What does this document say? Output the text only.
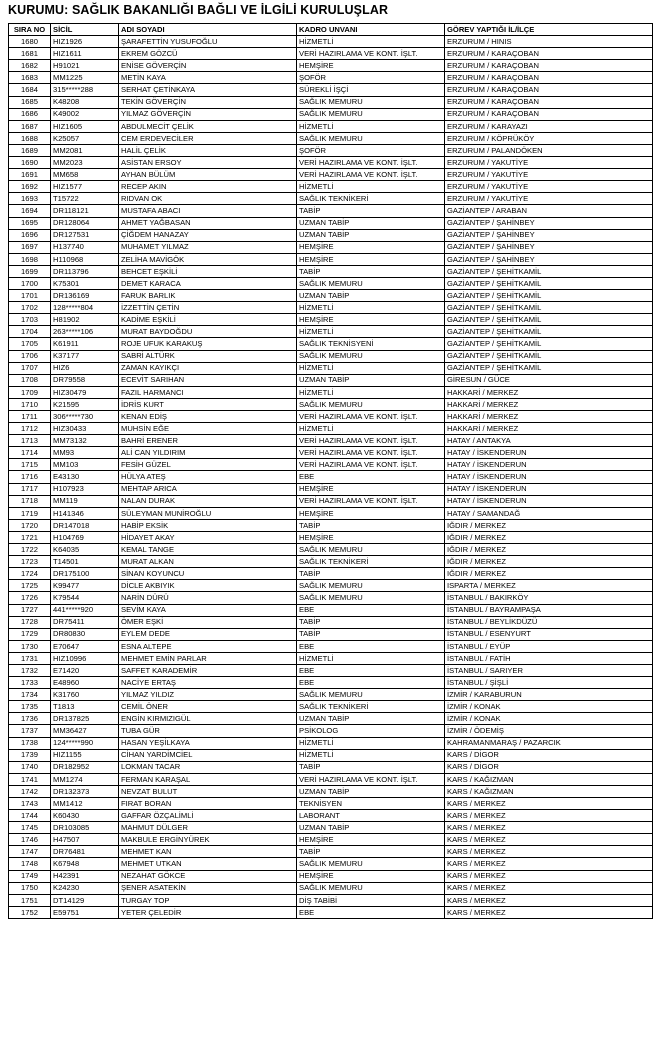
KURUMU: SAĞLIK BAKANLIĞI BAĞLI VE İLGİLİ KURULUŞLAR
SIRA NO	SİCİL	ADI SOYADI	KADRO UNVANI	GÖREV YAPTIĞI İL/İLÇE
1680	HIZ1926	ŞARAFETTİN YUSUFOĞLU	HİZMETLİ	ERZURUM / HINIS
1681	HIZ1611	EKREM GÖZCÜ	VERİ HAZIRLAMA VE KONT. İŞLT.	ERZURUM / KARAÇOBAN
1682	H91021	ENİSE GÖVERÇİN	HEMŞİRE	ERZURUM / KARAÇOBAN
1683	MM1225	METİN KAYA	ŞOFÖR	ERZURUM / KARAÇOBAN
1684	315*****288	SERHAT ÇETİNKAYA	SÜREKLİ İŞÇİ	ERZURUM / KARAÇOBAN
1685	K48208	TEKİN GÖVERÇİN	SAĞLIK MEMURU	ERZURUM / KARAÇOBAN
1686	K49002	YILMAZ GÖVERÇİN	SAĞLIK MEMURU	ERZURUM / KARAÇOBAN
1687	HIZ1605	ABDULMECİT ÇELİK	HİZMETLİ	ERZURUM / KARAYAZI
1688	K25057	CEM ERDEVECİLER	SAĞLIK MEMURU	ERZURUM / KÖPRÜKÖY
1689	MM2081	HALİL ÇELİK	ŞOFÖR	ERZURUM / PALANDÖKEN
1690	MM2023	ASİSTAN ERSOY	VERİ HAZIRLAMA VE KONT. İŞLT.	ERZURUM / YAKUTİYE
1691	MM658	AYHAN BÜLÜM	VERİ HAZIRLAMA VE KONT. İŞLT.	ERZURUM / YAKUTİYE
1692	HIZ1577	RECEP AKIN	HİZMETLİ	ERZURUM / YAKUTİYE
1693	T15722	RIDVAN OK	SAĞLIK TEKNİKERİ	ERZURUM / YAKUTİYE
1694	DR118121	MUSTAFA ABACI	TABİP	GAZİANTEP / ARABAN
1695	DR128064	AHMET YAĞBASAN	UZMAN TABİP	GAZİANTEP / ŞAHİNBEY
1696	DR127531	ÇİĞDEM HANAZAY	UZMAN TABİP	GAZİANTEP / ŞAHİNBEY
1697	H137740	MUHAMET YILMAZ	HEMŞİRE	GAZİANTEP / ŞAHİNBEY
1698	H110968	ZELİHA MAVİGÖK	HEMŞİRE	GAZİANTEP / ŞAHİNBEY
1699	DR113796	BEHCET EŞKİLİ	TABİP	GAZİANTEP / ŞEHİTKAMİL
1700	K75301	DEMET KARACA	SAĞLIK MEMURU	GAZİANTEP / ŞEHİTKAMİL
1701	DR136169	FARUK BARLIK	UZMAN TABİP	GAZİANTEP / ŞEHİTKAMİL
1702	128*****804	İZZETTİN ÇETİN	HİZMETLİ	GAZİANTEP / ŞEHİTKAMİL
1703	H81902	KADİME EŞKİLİ	HEMŞİRE	GAZİANTEP / ŞEHİTKAMİL
1704	263*****106	MURAT BAYDOĞDU	HİZMETLİ	GAZİANTEP / ŞEHİTKAMİL
1705	K61911	ROJE UFUK KARAKUŞ	SAĞLIK TEKNİSYENİ	GAZİANTEP / ŞEHİTKAMİL
1706	K37177	SABRİ ALTÜRK	SAĞLIK MEMURU	GAZİANTEP / ŞEHİTKAMİL
1707	HIZ6	ZAMAN KAYIKÇI	HİZMETLİ	GAZİANTEP / ŞEHİTKAMİL
1708	DR79558	ECEVİT SARIHAN	UZMAN TABİP	GİRESUN / GÜCE
1709	HIZ30479	FAZIL HARMANCI	HİZMETLİ	HAKKARİ / MERKEZ
1710	K21595	İDRİS KURT	SAĞLIK MEMURU	HAKKARİ / MERKEZ
1711	306*****730	KENAN EDİŞ	VERİ HAZIRLAMA VE KONT. İŞLT.	HAKKARİ / MERKEZ
1712	HIZ30433	MUHSİN EĞE	HİZMETLİ	HAKKARİ / MERKEZ
1713	MM73132	BAHRİ ERENER	VERİ HAZIRLAMA VE KONT. İŞLT.	HATAY / ANTAKYA
1714	MM93	ALİ CAN YILDIRIM	VERİ HAZIRLAMA VE KONT. İŞLT.	HATAY / İSKENDERUN
1715	MM103	FESİH GÜZEL	VERİ HAZIRLAMA VE KONT. İŞLT.	HATAY / İSKENDERUN
1716	E43130	HÜLYA ATEŞ	EBE	HATAY / İSKENDERUN
1717	H107923	MEHTAP ARICA	HEMŞİRE	HATAY / İSKENDERUN
1718	MM119	NALAN DURAK	VERİ HAZIRLAMA VE KONT. İŞLT.	HATAY / İSKENDERUN
1719	H141346	SÜLEYMAN MUNİROĞLU	HEMŞİRE	HATAY / SAMANDAĞ
1720	DR147018	HABİP EKSİK	TABİP	IĞDIR / MERKEZ
1721	H104769	HİDAYET AKAY	HEMŞİRE	IĞDIR / MERKEZ
1722	K64035	KEMAL TANGE	SAĞLIK MEMURU	IĞDIR / MERKEZ
1723	T14501	MURAT ALKAN	SAĞLIK TEKNİKERİ	IĞDIR / MERKEZ
1724	DR175100	SİNAN KOYUNCU	TABİP	IĞDIR / MERKEZ
1725	K99477	DİCLE AKBIYIK	SAĞLIK MEMURU	ISPARTA / MERKEZ
1726	K79544	NARİN DÜRÜ	SAĞLIK MEMURU	İSTANBUL / BAKIRKÖY
1727	441*****920	SEVİM KAYA	EBE	İSTANBUL / BAYRAMPAŞA
1728	DR75411	ÖMER EŞKİ	TABİP	İSTANBUL / BEYLİKDÜZÜ
1729	DR80830	EYLEM DEDE	TABİP	İSTANBUL / ESENYURT
1730	E70647	ESNA ALTEPE	EBE	İSTANBUL / EYÜP
1731	HIZ10996	MEHMET EMİN PARLAR	HİZMETLİ	İSTANBUL / FATİH
1732	E71420	SAFFET KARADEMİR	EBE	İSTANBUL / SARIYER
1733	E48960	NACİYE ERTAŞ	EBE	İSTANBUL / ŞİŞLİ
1734	K31760	YILMAZ YILDIZ	SAĞLIK MEMURU	İZMİR / KARABURUN
1735	T1813	CEMİL ÖNER	SAĞLIK TEKNİKERİ	İZMİR / KONAK
1736	DR137825	ENGİN KIRMIZIGÜL	UZMAN TABİP	İZMİR / KONAK
1737	MM36427	TUBA GÜR	PSİKOLOG	İZMİR / ÖDEMİŞ
1738	124*****990	HASAN YEŞİLKAYA	HİZMETLİ	KAHRAMANMARAŞ / PAZARCIK
1739	HIZ1155	CİHAN YARDİMCİEL	HİZMETLİ	KARS / DİGOR
1740	DR182952	LOKMAN TACAR	TABİP	KARS / DİGOR
1741	MM1274	FERMAN KARAŞAL	VERİ HAZIRLAMA VE KONT. İŞLT.	KARS / KAĞIZMAN
1742	DR132373	NEVZAT BULUT	UZMAN TABİP	KARS / KAĞIZMAN
1743	MM1412	FIRAT BORAN	TEKNİSYEN	KARS / MERKEZ
1744	K60430	GAFFAR ÖZÇALİMLİ	LABORANT	KARS / MERKEZ
1745	DR103085	MAHMUT DÜLGER	UZMAN TABİP	KARS / MERKEZ
1746	H47507	MAKBULE ERGİNYÜREK	HEMŞİRE	KARS / MERKEZ
1747	DR76481	MEHMET KAN	TABİP	KARS / MERKEZ
1748	K67948	MEHMET UTKAN	SAĞLIK MEMURU	KARS / MERKEZ
1749	H42391	NEZAHAT GÖKCE	HEMŞİRE	KARS / MERKEZ
1750	K24230	ŞENER ASATEKİN	SAĞLIK MEMURU	KARS / MERKEZ
1751	DT14129	TURGAY TOP	DİŞ TABİBİ	KARS / MERKEZ
1752	E59751	YETER ÇELEDİR	EBE	KARS / MERKEZ
